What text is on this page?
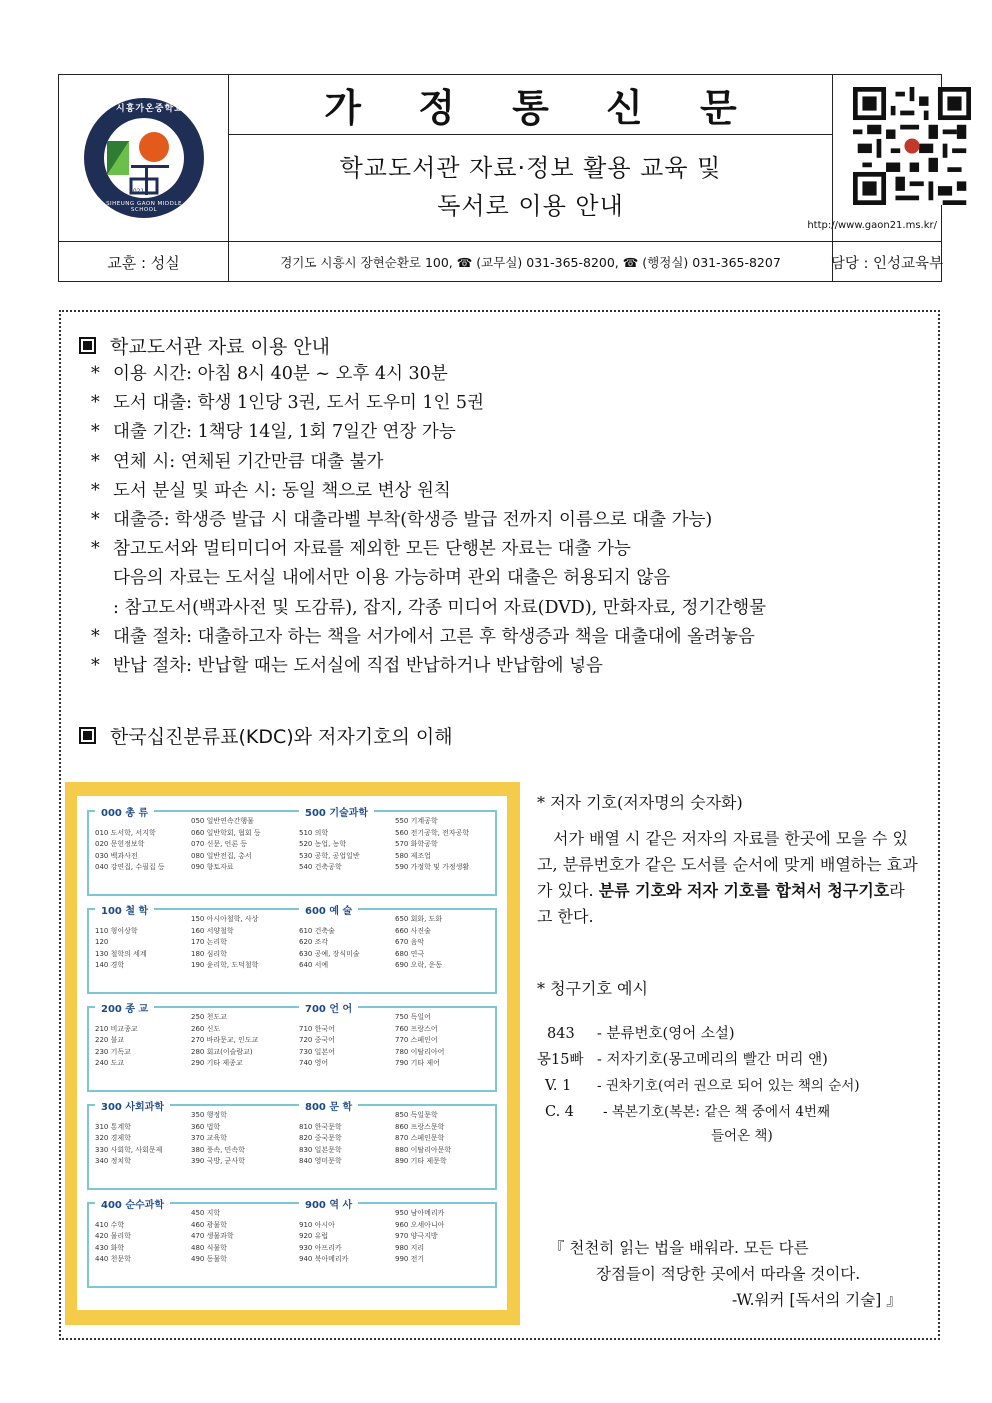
시흥가온중학교
2021
SIHEUNG GAON MIDDLE SCHOOL
가 정 통 신 문
학교도서관 자료·정보 활용 교육 및
독서로 이용 안내
http://www.gaon21.ms.kr/
교훈 : 성실	경기도 시흥시 장현순환로 100, ☎ (교무실) 031-365-8200, ☎ (행정실) 031-365-8207	담당 : 인성교육부
학교도서관 자료 이용 안내
* 이용 시간: 아침 8시 40분 ~ 오후 4시 30분
* 도서 대출: 학생 1인당 3권, 도서 도우미 1인 5권
* 대출 기간: 1책당 14일, 1회 7일간 연장 가능
* 연체 시: 연체된 기간만큼 대출 불가
* 도서 분실 및 파손 시: 동일 책으로 변상 원칙
* 대출증: 학생증 발급 시 대출라벨 부착(학생증 발급 전까지 이름으로 대출 가능)
* 참고도서와 멀티미디어 자료를 제외한 모든 단행본 자료는 대출 가능
다음의 자료는 도서실 내에서만 이용 가능하며 관외 대출은 허용되지 않음
: 참고도서(백과사전 및 도감류), 잡지, 각종 미디어 자료(DVD), 만화자료, 정기간행물
* 대출 절차: 대출하고자 하는 책을 서가에서 고른 후 학생증과 책을 대출대에 올려놓음
* 반납 절차: 반납할 때는 도서실에 직접 반납하거나 반납함에 넣음
한국십진분류표(KDC)와 저자기호의 이해
000 총 류
010 도서학, 서지학
020 문헌정보학
030 백과사전
040 강연집, 수필집 등
050 일반연속간행물
060 일반학회, 협회 등
070 신문, 언론 등
080 일반전집, 총서
090 향토자료
500 기술과학
510 의학
520 농업, 농학
530 공학, 공업일반
540 건축공학
550 기계공학
560 전기공학, 전자공학
570 화학공학
580 제조업
590 가정학 및 가정생활
100 철 학
110 형이상학
120
130 철학의 세계
140 경학
150 아시아철학, 사상
160 서양철학
170 논리학
180 심리학
190 윤리학, 도덕철학
600 예 술
610 건축술
620 조각
630 공예, 장식미술
640 서예
650 회화, 도화
660 사진술
670 음악
680 연극
690 오락, 운동
200 종 교
210 비교종교
220 불교
230 기독교
240 도교
250 천도교
260 신도
270 바라문교, 인도교
280 회교(이슬람교)
290 기타 제종교
700 언 어
710 한국어
720 중국어
730 일본어
740 영어
750 독일어
760 프랑스어
770 스페인어
780 이탈리아어
790 기타 제어
300 사회과학
310 통계학
320 경제학
330 사회학, 사회문제
340 정치학
350 행정학
360 법학
370 교육학
380 풍속, 민속학
390 국방, 군사학
800 문 학
810 한국문학
820 중국문학
830 일본문학
840 영미문학
850 독일문학
860 프랑스문학
870 스페인문학
880 이탈리아문학
890 기타 제문학
400 순수과학
410 수학
420 물리학
430 화학
440 천문학
450 지학
460 광물학
470 생물과학
480 식물학
490 동물학
900 역 사
910 아시아
920 유럽
930 아프리카
940 북아메리카
950 남아메리카
960 오세아니아
970 양극지방
980 지리
990 전기
* 저자 기호(저자명의 숫자화)
서가 배열 시 같은 저자의 자료를 한곳에 모을 수 있고, 분류번호가 같은 도서를 순서에 맞게 배열하는 효과가 있다. 분류 기호와 저자 기호를 합쳐서 청구기호라고 한다.
* 청구기호 예시
843 - 분류번호(영어 소설)
몽15빠 - 저자기호(몽고메리의 빨간 머리 앤)
V. 1 - 권차기호(여러 권으로 되어 있는 책의 순서)
C. 4 - 복본기호(복본: 같은 책 중에서 4번째
들어온 책)
『 천천히 읽는 법을 배워라. 모든 다른
장점들이 적당한 곳에서 따라올 것이다.
-W.워커 [독서의 기술] 』
